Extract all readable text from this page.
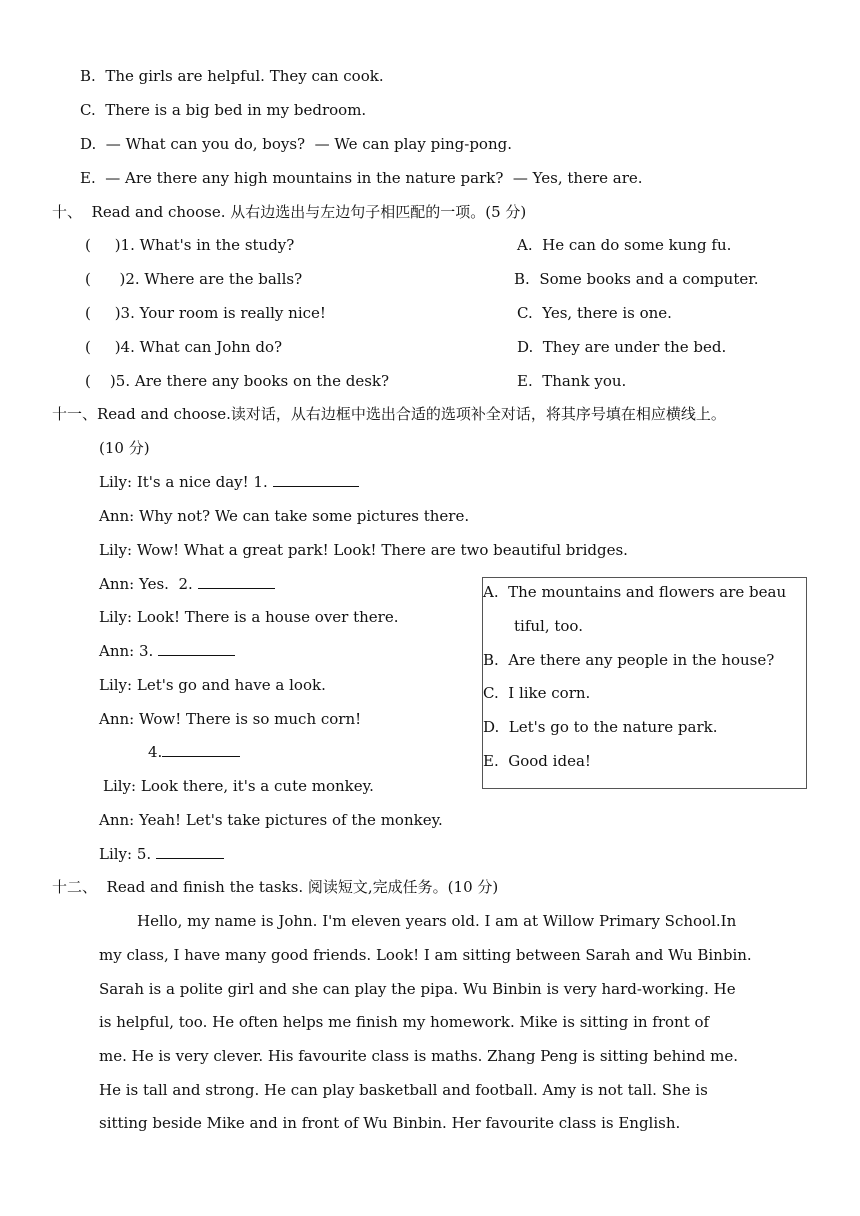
B.  The girls are helpful. They can cook.
C.  There is a big bed in my bedroom.
D.  — What can you do, boys?  — We can play ping-pong.
E.  — Are there any high mountains in the nature park?  — Yes, there are.
十、  Read and choose. 从右边选出与左边句子相匹配的一项。(5 分)
(     )1. What's in the study?
(      )2. Where are the balls?
(     )3. Your room is really nice!
(     )4. What can John do?
(    )5. Are there any books on the desk?
A.  He can do some kung fu.
B.  Some books and a computer.
C.  Yes, there is one.
D.  They are under the bed.
E.  Thank you.
十一、Read and choose.读对话，从右边框中选出合适的选项补全对话，将其序号填在相应横线上。
(10 分)
Lily: It's a nice day! 1.
Ann: Why not? We can take some pictures there.
Lily: Wow! What a great park! Look! There are two beautiful bridges.
Ann: Yes.  2.
Lily: Look! There is a house over there.
Ann: 3.
Lily: Let's go and have a look.
Ann: Wow! There is so much corn!
4.
Lily: Look there, it's a cute monkey.
Ann: Yeah! Let's take pictures of the monkey.
Lily: 5.
A.  The mountains and flowers are beau
tiful, too.
B.  Are there any people in the house?
C.  I like corn.
D.  Let's go to the nature park.
E.  Good idea!
十二、  Read and finish the tasks. 阅读短文,完成任务。(10 分)
Hello, my name is John. I'm eleven years old. I am at Willow Primary School.In
my class, I have many good friends. Look! I am sitting between Sarah and Wu Binbin.
Sarah is a polite girl and she can play the pipa. Wu Binbin is very hard-working. He
is helpful, too. He often helps me finish my homework. Mike is sitting in front of
me. He is very clever. His favourite class is maths. Zhang Peng is sitting behind me.
He is tall and strong. He can play basketball and football. Amy is not tall. She is
sitting beside Mike and in front of Wu Binbin. Her favourite class is English.
